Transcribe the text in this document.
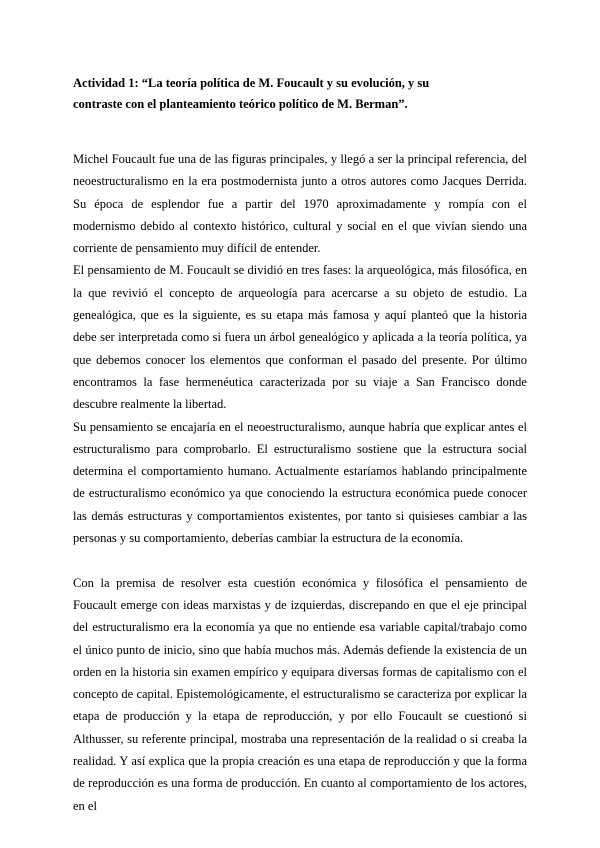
Actividad 1: “La teoría política de M. Foucault y su evolución, y su
contraste con el planteamiento teórico político de M. Berman”.

Michel Foucault fue una de las figuras principales, y llegó a ser la principal referencia, del neoestructuralismo en la era postmodernista junto a otros autores como Jacques Derrida. Su época de esplendor fue a partir del 1970 aproximadamente y rompía con el modernismo debido al contexto histórico, cultural y social en el que vivían siendo una corriente de pensamiento muy difícil de entender.

El pensamiento de M. Foucault se dividió en tres fases: la arqueológica, más filosófica, en la que revivió el concepto de arqueología para acercarse a su objeto de estudio. La genealógica, que es la siguiente, es su etapa más famosa y aquí planteó que la historia debe ser interpretada como si fuera un árbol genealógico y aplicada a la teoría política, ya que debemos conocer los elementos que conforman el pasado del presente. Por último encontramos la fase hermenéutica caracterizada por su viaje a San Francisco donde descubre realmente la libertad.

Su pensamiento se encajaría en el neoestructuralismo, aunque habría que explicar antes el estructuralismo para comprobarlo. El estructuralismo sostiene que la estructura social determina el comportamiento humano. Actualmente estaríamos hablando principalmente de estructuralismo económico ya que conociendo la estructura económica puede conocer las demás estructuras y comportamientos existentes, por tanto si quisieses cambiar a las personas y su comportamiento, deberías cambiar la estructura de la economía.

Con la premisa de resolver esta cuestión económica y filosófica el pensamiento de Foucault emerge con ideas marxistas y de izquierdas, discrepando en que el eje principal del estructuralismo era la economía ya que no entiende esa variable capital/trabajo como el único punto de inicio, sino que había muchos más. Además defiende la existencia de un orden en la historia sin examen empírico y equipara diversas formas de capitalismo con el concepto de capital. Epistemológicamente, el estructuralismo se caracteriza por explicar la etapa de producción y la etapa de reproducción, y por ello Foucault se cuestionó si Althusser, su referente principal, mostraba una representación de la realidad o si creaba la realidad. Y así explica que la propia creación es una etapa de reproducción y que la forma de reproducción es una forma de producción. En cuanto al comportamiento de los actores, en el
